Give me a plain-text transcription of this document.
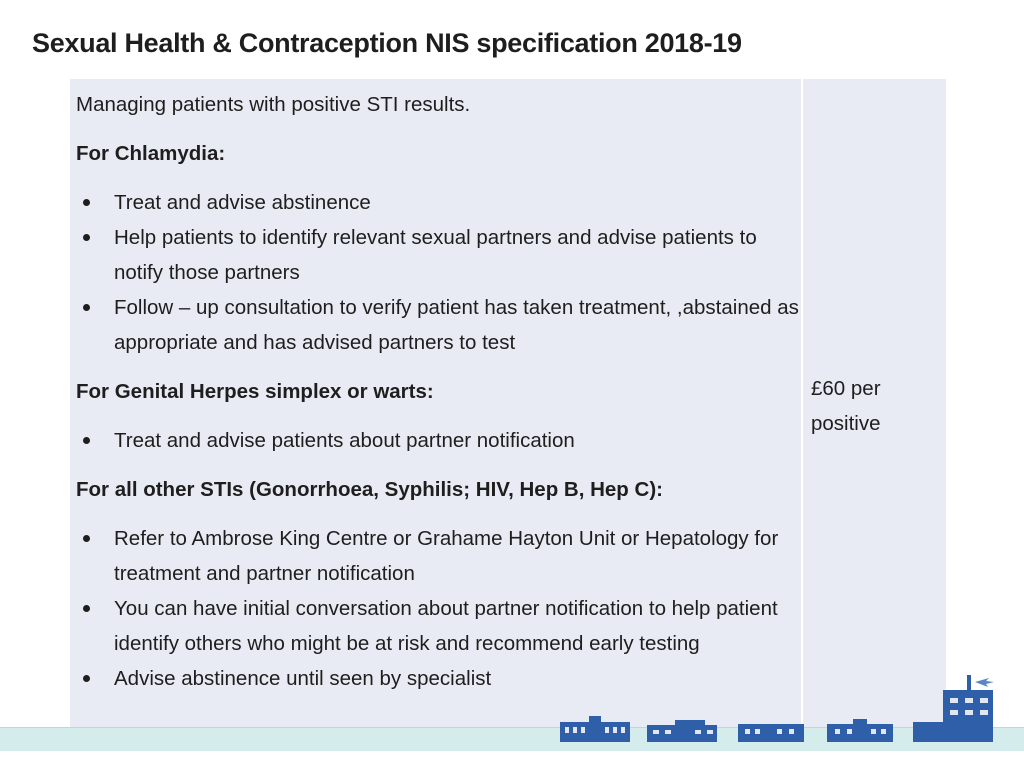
Sexual Health & Contraception NIS specification 2018-19

Managing patients with positive STI results.

For Chlamydia:

Treat and advise abstinence
Help patients to identify relevant sexual partners and advise patients to notify those partners
Follow – up consultation to verify patient has taken treatment, ,abstained as appropriate and has advised partners to test

For Genital Herpes simplex or warts:

Treat and advise patients about partner notification

For all other STIs (Gonorrhoea, Syphilis; HIV, Hep B, Hep C):

Refer to Ambrose King Centre or Grahame Hayton Unit or Hepatology for treatment and partner notification
You can have initial conversation about partner notification to help patient identify others who might be at risk and recommend early testing
Advise abstinence until seen by specialist
£60 per
positive
